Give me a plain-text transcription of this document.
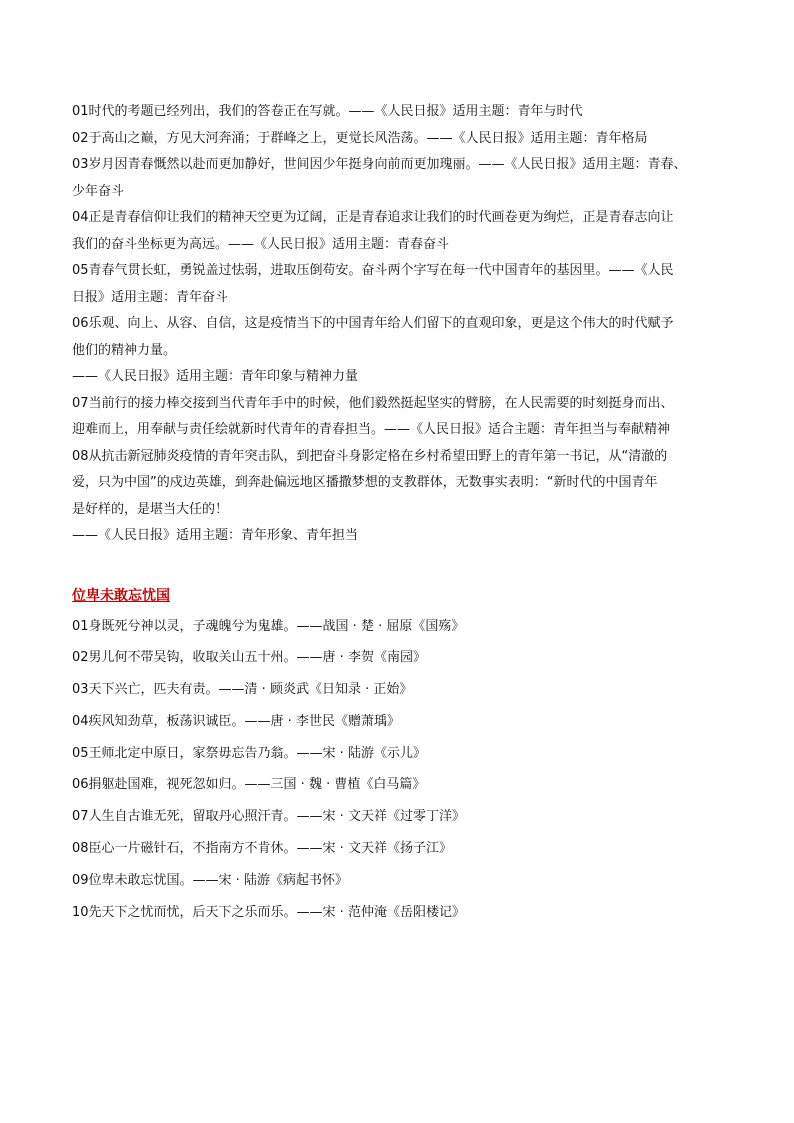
01时代的考题已经列出，我们的答卷正在写就。——《人民日报》适用主题：青年与时代
02于高山之巅，方见大河奔涌；于群峰之上，更觉长风浩荡。——《人民日报》适用主题：青年格局
03岁月因青春慨然以赴而更加静好，世间因少年挺身向前而更加瑰丽。——《人民日报》适用主题：青春、
少年奋斗
04正是青春信仰让我们的精神天空更为辽阔，正是青春追求让我们的时代画卷更为绚烂，正是青春志向让
我们的奋斗坐标更为高远。——《人民日报》适用主题：青春奋斗
05青春气贯长虹，勇锐盖过怯弱，进取压倒苟安。奋斗两个字写在每一代中国青年的基因里。——《人民
日报》适用主题：青年奋斗
06乐观、向上、从容、自信，这是疫情当下的中国青年给人们留下的直观印象，更是这个伟大的时代赋予
他们的精神力量。
——《人民日报》适用主题：青年印象与精神力量
07当前行的接力棒交接到当代青年手中的时候，他们毅然挺起坚实的臂膀，在人民需要的时刻挺身而出、
迎难而上，用奉献与责任绘就新时代青年的青春担当。——《人民日报》适合主题：青年担当与奉献精神
08从抗击新冠肺炎疫情的青年突击队，到把奋斗身影定格在乡村希望田野上的青年第一书记，从“清澈的
爱，只为中国”的戍边英雄，到奔赴偏远地区播撒梦想的支教群体，无数事实表明：“新时代的中国青年
是好样的，是堪当大任的！
——《人民日报》适用主题：青年形象、青年担当
位卑未敢忘忧国
01身既死兮神以灵，子魂魄兮为鬼雄。——战国 · 楚 · 屈原《国殇》
02男儿何不带吴钩，收取关山五十州。——唐 · 李贺《南园》
03天下兴亡，匹夫有责。——清 · 顾炎武《日知录 · 正始》
04疾风知劲草，板荡识诚臣。——唐 · 李世民《赠萧瑀》
05王师北定中原日，家祭毋忘告乃翁。——宋 · 陆游《示儿》
06捐躯赴国难，视死忽如归。——三国 · 魏 · 曹植《白马篇》
07人生自古谁无死，留取丹心照汗青。——宋 · 文天祥《过零丁洋》
08臣心一片磁针石，不指南方不肯休。——宋 · 文天祥《扬子江》
09位卑未敢忘忧国。——宋 · 陆游《病起书怀》
10先天下之忧而忧，后天下之乐而乐。——宋 · 范仲淹《岳阳楼记》
